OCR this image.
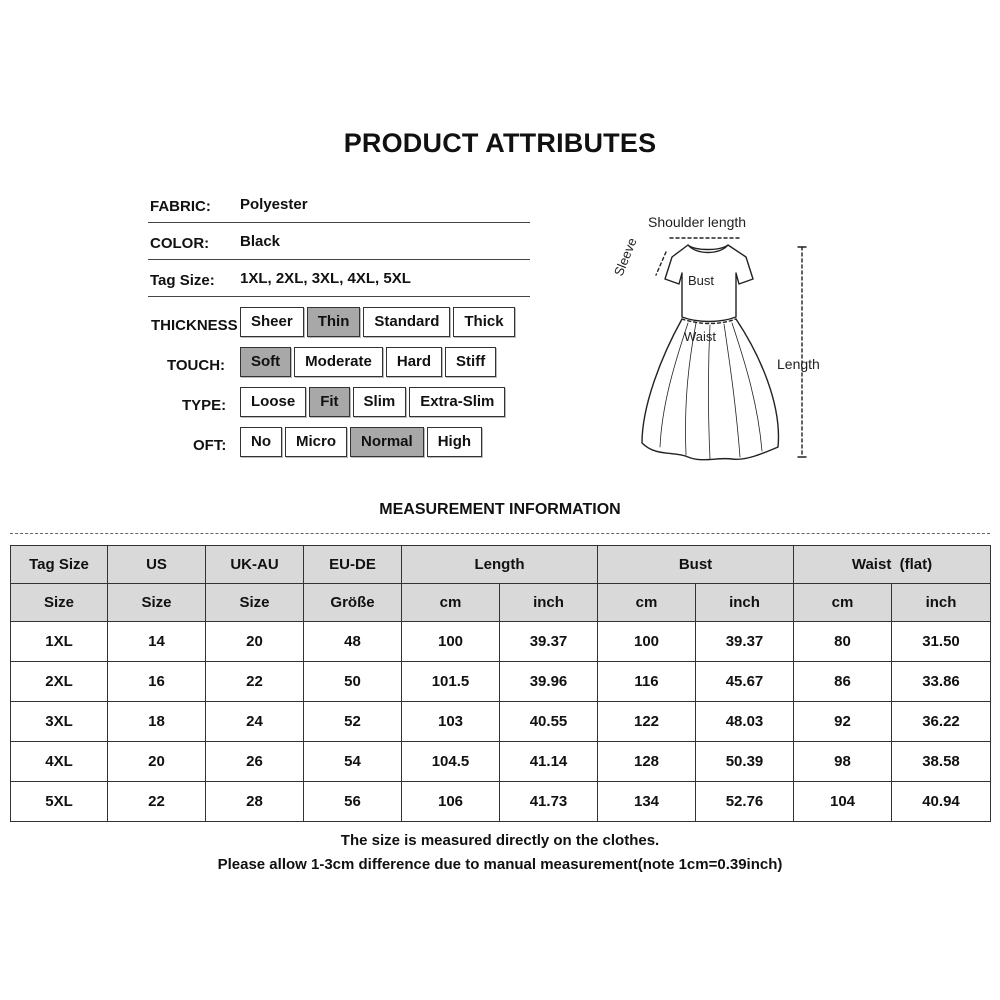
PRODUCT ATTRIBUTES
FABRIC: Polyester
COLOR: Black
Tag Size: 1XL, 2XL, 3XL, 4XL, 5XL
THICKNESS Sheer	Thin	Standard	Thick
TOUCH:	Soft	Moderate	Hard	Stiff
TYPE:	Loose	Fit	Slim	Extra-Slim
OFT:	No	Micro	Normal	High
Shoulder length
Sleeve
Bust
Waist
Length
MEASUREMENT INFORMATION
Tag Size	US	UK-AU	EU-DE	Length		Bust		Waist  (flat)	
Size	Size	Size	Größe	cm	inch	cm	inch	cm	inch
1XL	14	20	48	100	39.37	100	39.37	80	31.50
2XL	16	22	50	101.5	39.96	116	45.67	86	33.86
3XL	18	24	52	103	40.55	122	48.03	92	36.22
4XL	20	26	54	104.5	41.14	128	50.39	98	38.58
5XL	22	28	56	106	41.73	134	52.76	104	40.94
The size is measured directly on the clothes.
Please allow 1-3cm difference due to manual measurement(note 1cm=0.39inch)
